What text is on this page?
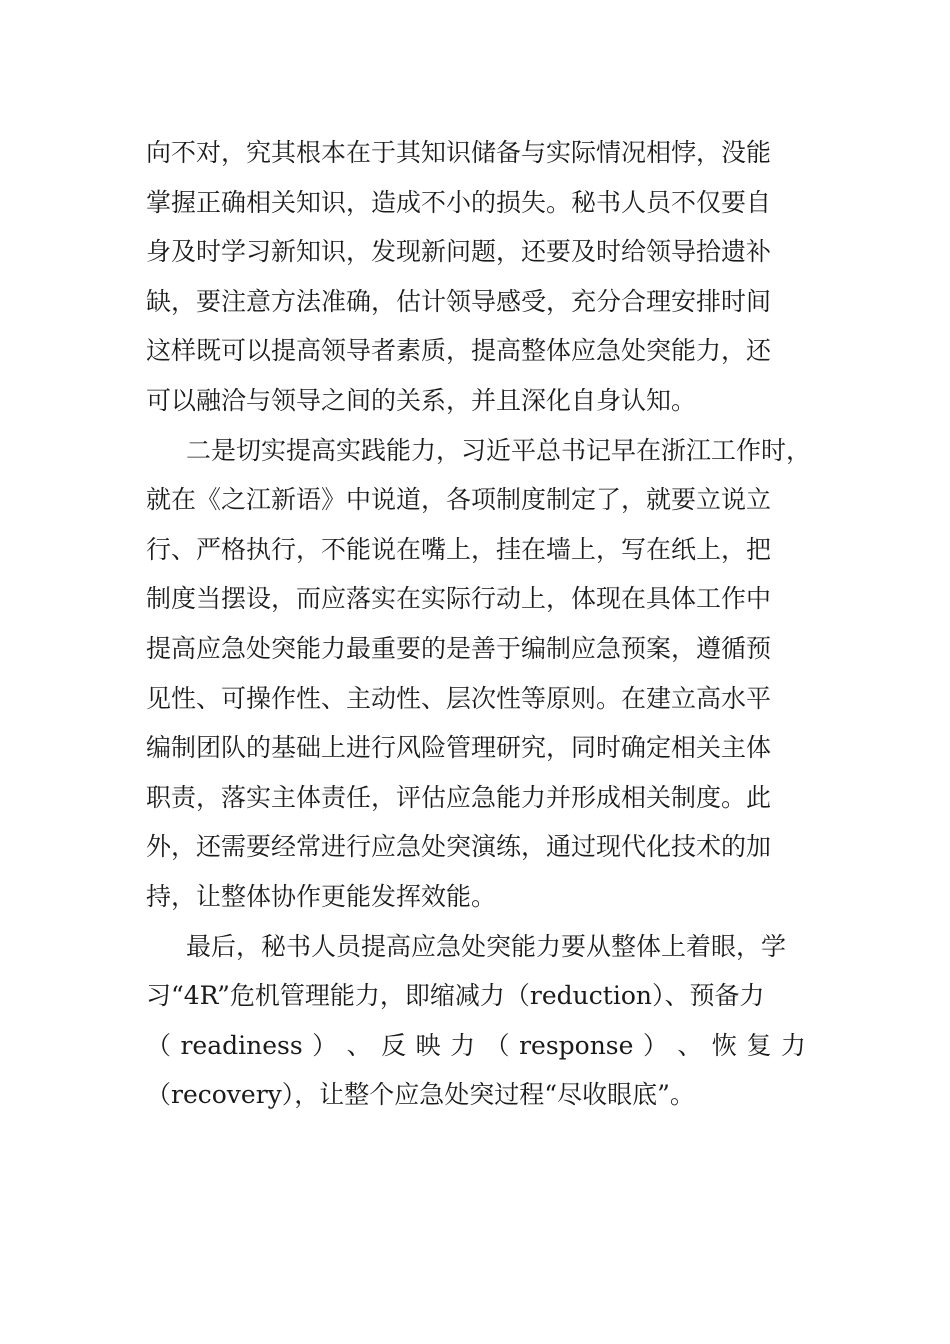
向不对，究其根本在于其知识储备与实际情况相悖，没能
掌握正确相关知识，造成不小的损失。秘书人员不仅要自
身及时学习新知识，发现新问题，还要及时给领导拾遗补
缺，要注意方法准确，估计领导感受，充分合理安排时间
这样既可以提高领导者素质，提高整体应急处突能力，还
可以融洽与领导之间的关系，并且深化自身认知。
二是切实提高实践能力，习近平总书记早在浙江工作时，
就在《之江新语》中说道，各项制度制定了，就要立说立
行、严格执行，不能说在嘴上，挂在墙上，写在纸上，把
制度当摆设，而应落实在实际行动上，体现在具体工作中
提高应急处突能力最重要的是善于编制应急预案，遵循预
见性、可操作性、主动性、层次性等原则。在建立高水平
编制团队的基础上进行风险管理研究，同时确定相关主体
职责，落实主体责任，评估应急能力并形成相关制度。此
外，还需要经常进行应急处突演练，通过现代化技术的加
持，让整体协作更能发挥效能。
最后，秘书人员提高应急处突能力要从整体上着眼，学
习“4R”危机管理能力，即缩减力（reduction）、预备力
（ readiness ） 、 反 映 力 （ response ） 、 恢 复 力
（recovery），让整个应急处突过程“尽收眼底”。
